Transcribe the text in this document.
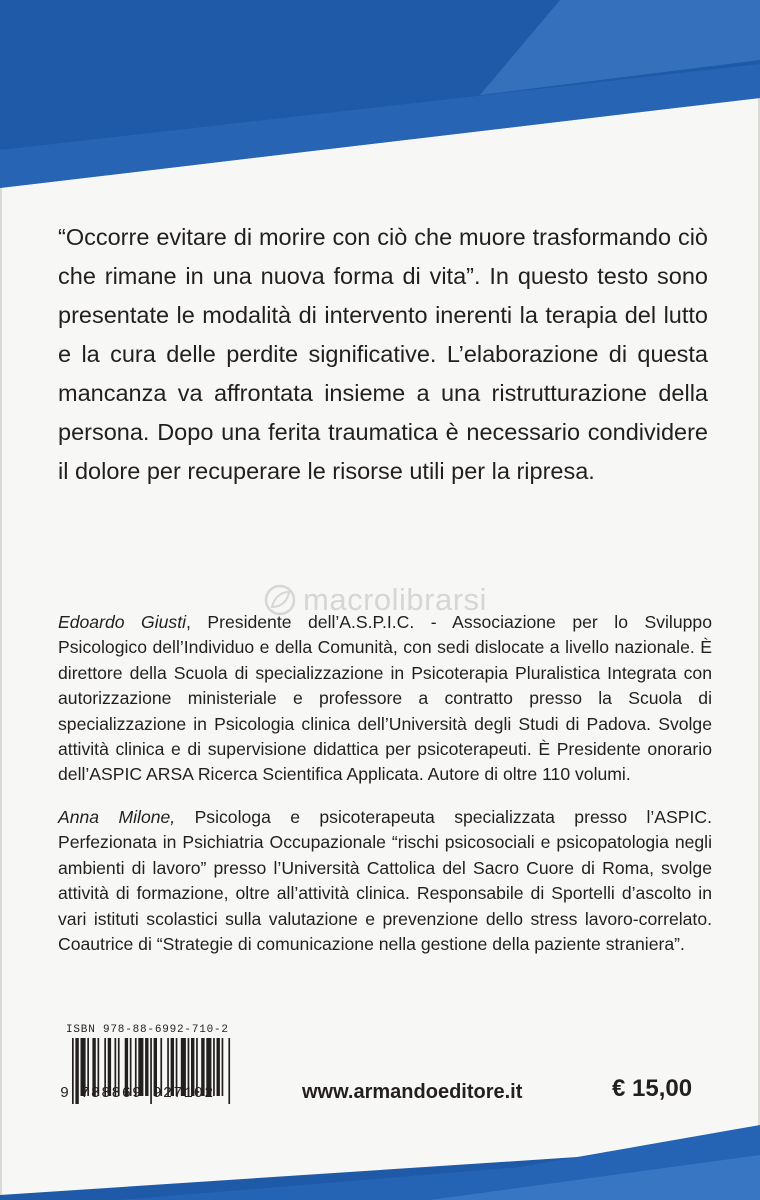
“Occorre evitare di morire con ciò che muore trasformando ciò che rimane in una nuova forma di vita”. In questo testo sono presentate le modalità di intervento inerenti la terapia del lutto e la cura delle perdite significative. L’elaborazione di questa mancanza va affrontata insieme a una ristrutturazione della persona. Dopo una ferita traumatica è necessario condividere il dolore per recuperare le risorse utili per la ripresa.
macrolibrarsi
Edoardo Giusti, Presidente dell’A.S.P.I.C. - Associazione per lo Sviluppo Psicologico dell’Individuo e della Comunità, con sedi dislocate a livello nazionale. È direttore della Scuola di specializzazione in Psicoterapia Pluralistica Integrata con autorizzazione ministeriale e professore a contratto presso la Scuola di specializzazione in Psicologia clinica dell’Università degli Studi di Padova. Svolge attività clinica e di supervisione didattica per psicoterapeuti. È Presidente onorario dell’ASPIC ARSA Ricerca Scientifica Applicata. Autore di oltre 110 volumi.
Anna Milone, Psicologa e psicoterapeuta specializzata presso l’ASPIC. Perfezionata in Psichiatria Occupazionale “rischi psicosociali e psicopatologia negli ambienti di lavoro” presso l’Università Cattolica del Sacro Cuore di Roma, svolge attività di formazione, oltre all’attività clinica. Responsabile di Sportelli d’ascolto in vari istituti scolastici sulla valutazione e prevenzione dello stress lavoro-correlato. Coautrice di “Strategie di comunicazione nella gestione della paziente straniera”.
ISBN 978-88-6992-710-2
9 788869 927102	www.armandoeditore.it	€ 15,00
